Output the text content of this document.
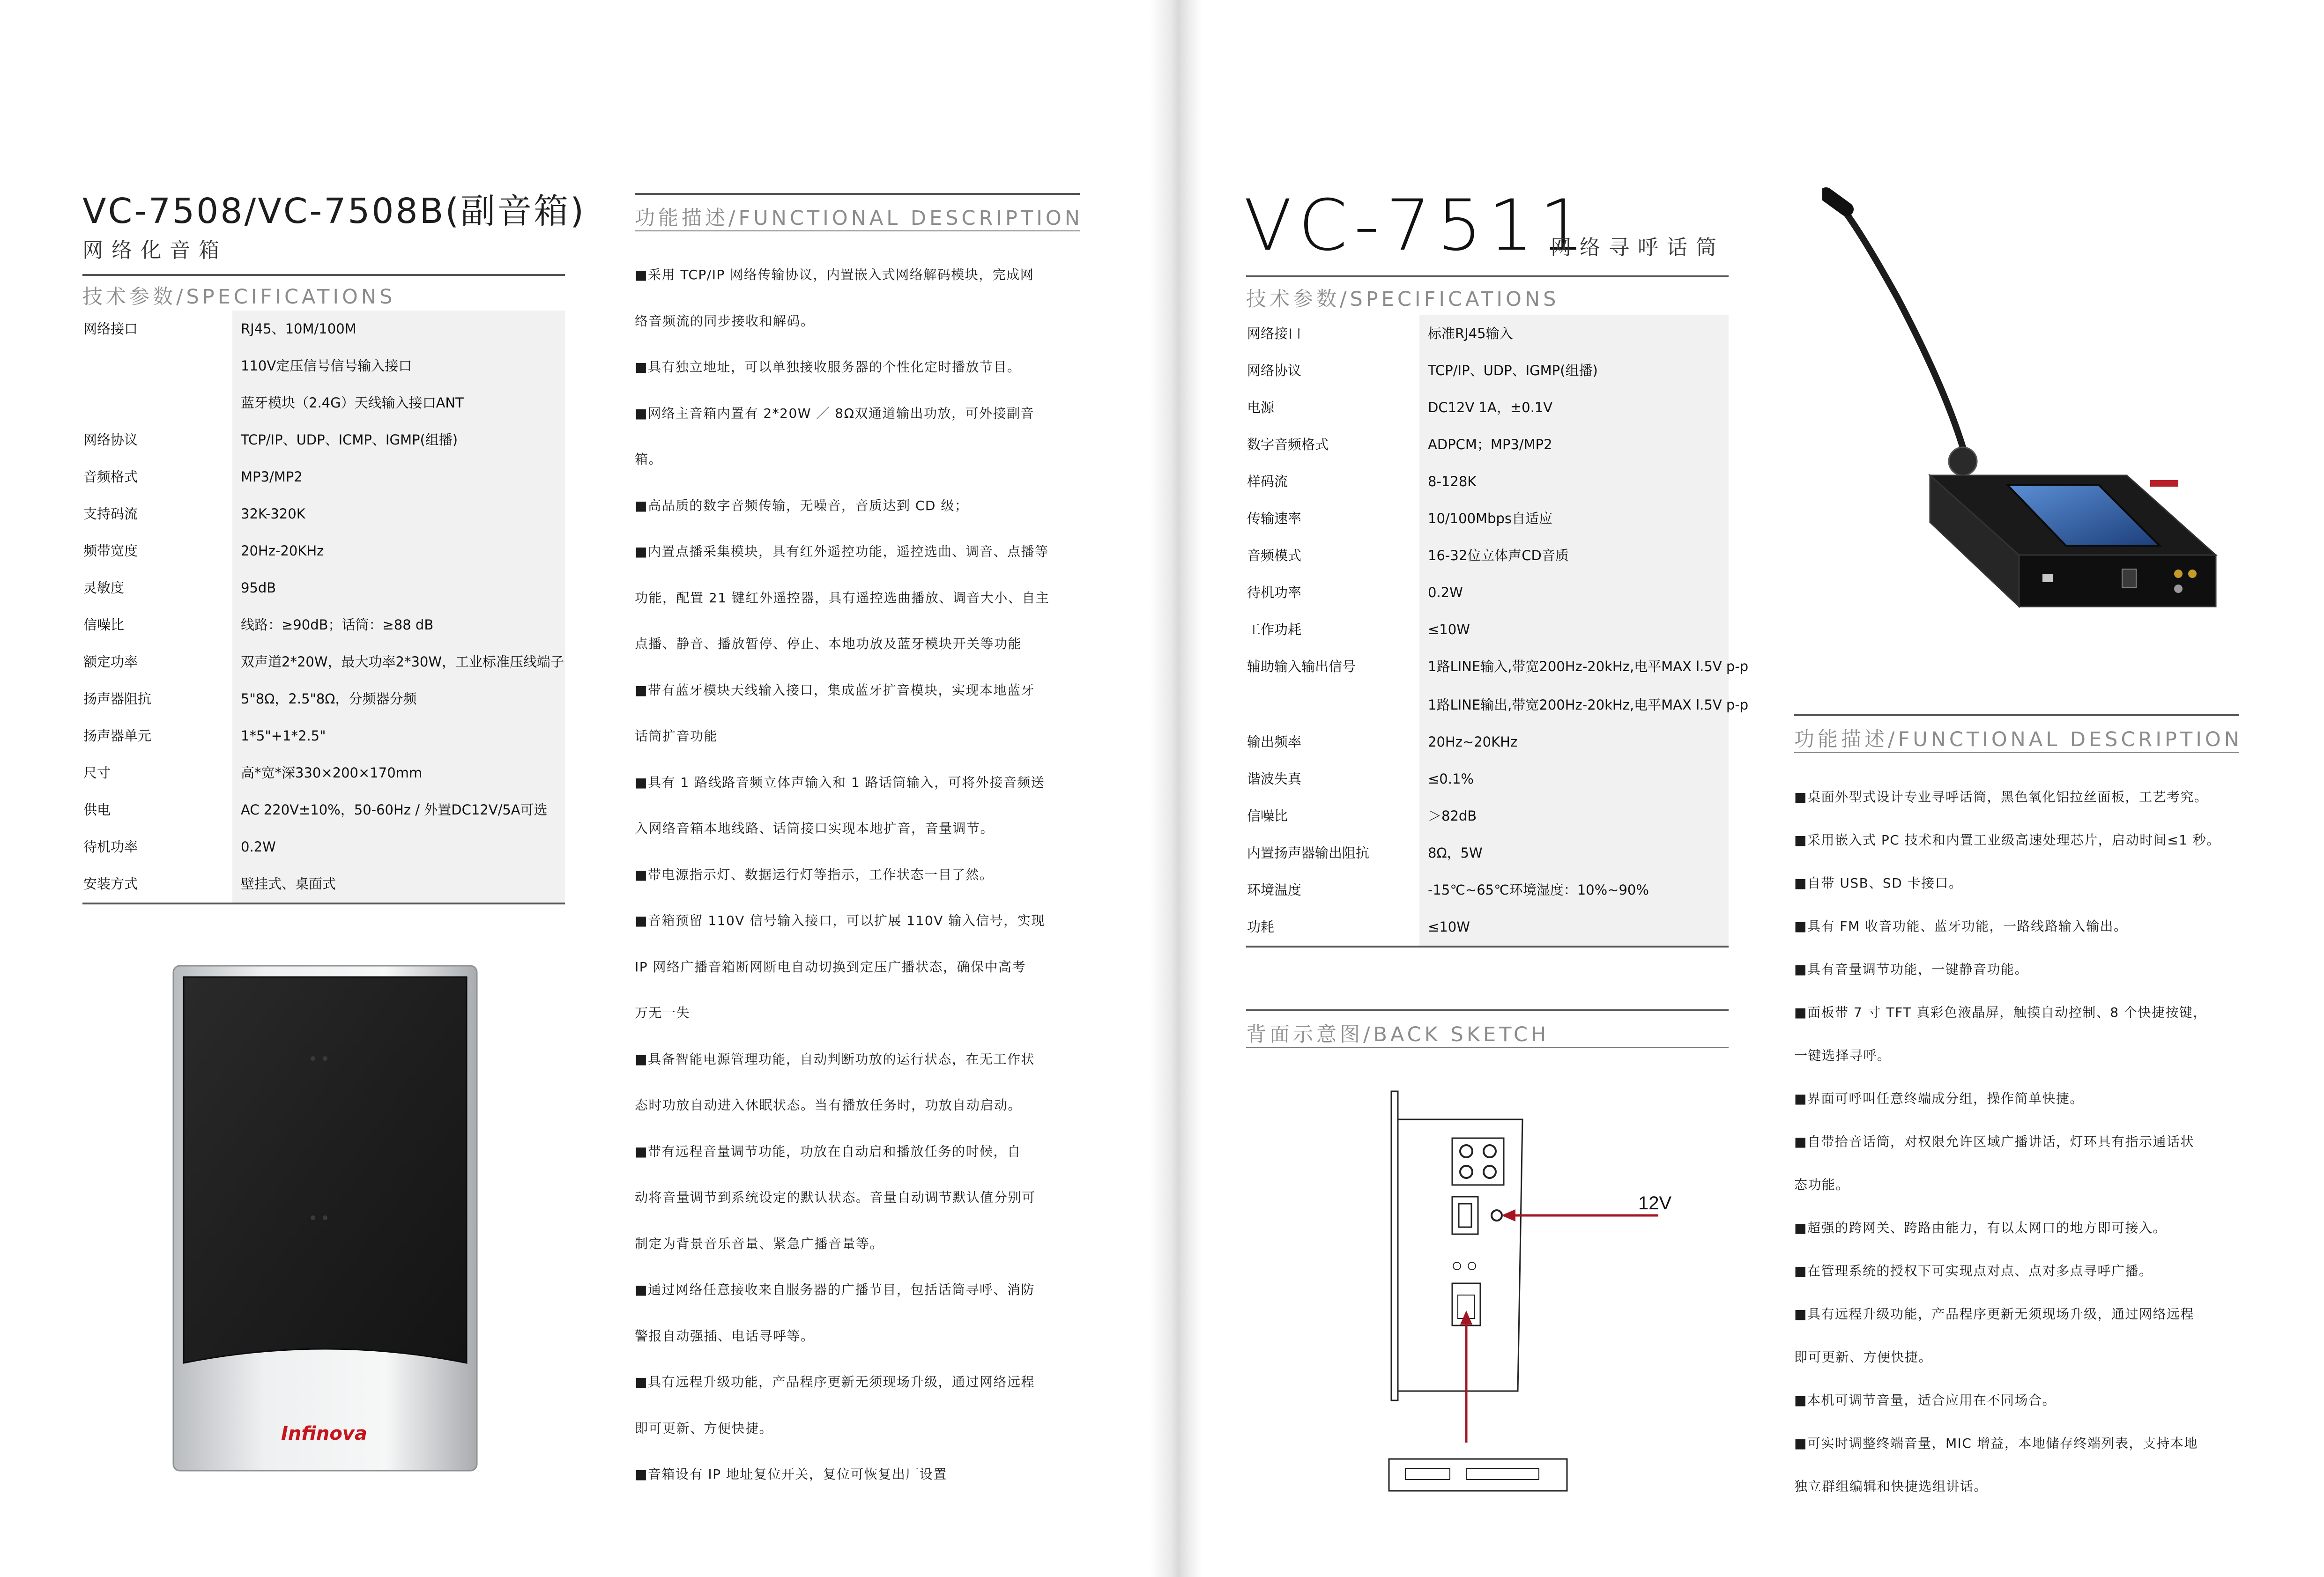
VC-7508/VC-7508B(副音箱)
网络化音箱
技术参数/SPECIFICATIONS
网络接口	RJ45、10M/100M
110V定压信号信号输入接口
蓝牙模块（2.4G）天线输入接口ANT
网络协议	TCP/IP、UDP、ICMP、IGMP(组播)
音频格式	MP3/MP2
支持码流	32K-320K
频带宽度	20Hz-20KHz
灵敏度	95dB
信噪比	线路：≥90dB；话筒：≥88 dB
额定功率	双声道2*20W，最大功率2*30W，工业标准压线端子
扬声器阻抗	5"8Ω，2.5"8Ω，分频器分频
扬声器单元	1*5"+1*2.5"
尺寸	高*宽*深330×200×170mm
供电	AC 220V±10%，50-60Hz / 外置DC12V/5A可选
待机功率	0.2W
安装方式	壁挂式、桌面式
Infinova
功能描述/FUNCTIONAL DESCRIPTION
■采用 TCP/IP 网络传输协议，内置嵌入式网络解码模块，完成网
络音频流的同步接收和解码。
■具有独立地址，可以单独接收服务器的个性化定时播放节目。
■网络主音箱内置有 2*20W ／ 8Ω双通道输出功放，可外接副音
箱。
■高品质的数字音频传输，无噪音，音质达到 CD 级；
■内置点播采集模块，具有红外遥控功能，遥控选曲、调音、点播等
功能，配置 21 键红外遥控器，具有遥控选曲播放、调音大小、自主
点播、静音、播放暂停、停止、本地功放及蓝牙模块开关等功能
■带有蓝牙模块天线输入接口，集成蓝牙扩音模块，实现本地蓝牙
话筒扩音功能
■具有 1 路线路音频立体声输入和 1 路话筒输入，可将外接音频送
入网络音箱本地线路、话筒接口实现本地扩音，音量调节。
■带电源指示灯、数据运行灯等指示，工作状态一目了然。
■音箱预留 110V 信号输入接口，可以扩展 110V 输入信号，实现
IP 网络广播音箱断网断电自动切换到定压广播状态，确保中高考
万无一失
■具备智能电源管理功能，自动判断功放的运行状态，在无工作状
态时功放自动进入休眠状态。当有播放任务时，功放自动启动。
■带有远程音量调节功能，功放在自动启和播放任务的时候，自
动将音量调节到系统设定的默认状态。音量自动调节默认值分别可
制定为背景音乐音量、紧急广播音量等。
■通过网络任意接收来自服务器的广播节目，包括话筒寻呼、消防
警报自动强插、电话寻呼等。
■具有远程升级功能，产品程序更新无须现场升级，通过网络远程
即可更新、方便快捷。
■音箱设有 IP 地址复位开关，复位可恢复出厂设置
VC-7511
网络寻呼话筒
技术参数/SPECIFICATIONS
网络接口	标准RJ45输入
网络协议	TCP/IP、UDP、IGMP(组播)
电源	DC12V 1A，±0.1V
数字音频格式	ADPCM；MP3/MP2
样码流	8-128K
传输速率	10/100Mbps自适应
音频模式	16-32位立体声CD音质
待机功率	0.2W
工作功耗	≤10W
辅助输入输出信号	1路LINE输入,带宽200Hz-20kHz,电平MAX l.5V p-p
1路LINE输出,带宽200Hz-20kHz,电平MAX l.5V p-p
输出频率	20Hz~20KHz
谐波失真	≤0.1%
信噪比	＞82dB
内置扬声器输出阻抗	8Ω，5W
环境温度	-15℃~65℃环境湿度：10%~90%
功耗	≤10W
功能描述/FUNCTIONAL DESCRIPTION
■桌面外型式设计专业寻呼话筒，黑色氧化铝拉丝面板，工艺考究。
■采用嵌入式 PC 技术和内置工业级高速处理芯片，启动时间≤1 秒。
■自带 USB、SD 卡接口。
■具有 FM 收音功能、蓝牙功能，一路线路输入输出。
■具有音量调节功能，一键静音功能。
■面板带 7 寸 TFT 真彩色液晶屏，触摸自动控制、8 个快捷按键，
一键选择寻呼。
■界面可呼叫任意终端成分组，操作简单快捷。
■自带拾音话筒，对权限允许区域广播讲话，灯环具有指示通话状
态功能。
■超强的跨网关、跨路由能力，有以太网口的地方即可接入。
■在管理系统的授权下可实现点对点、点对多点寻呼广播。
■具有远程升级功能，产品程序更新无须现场升级，通过网络远程
即可更新、方便快捷。
■本机可调节音量，适合应用在不同场合。
■可实时调整终端音量，MIC 增益，本地储存终端列表，支持本地
独立群组编辑和快捷选组讲话。
背面示意图/BACK SKETCH
12V
